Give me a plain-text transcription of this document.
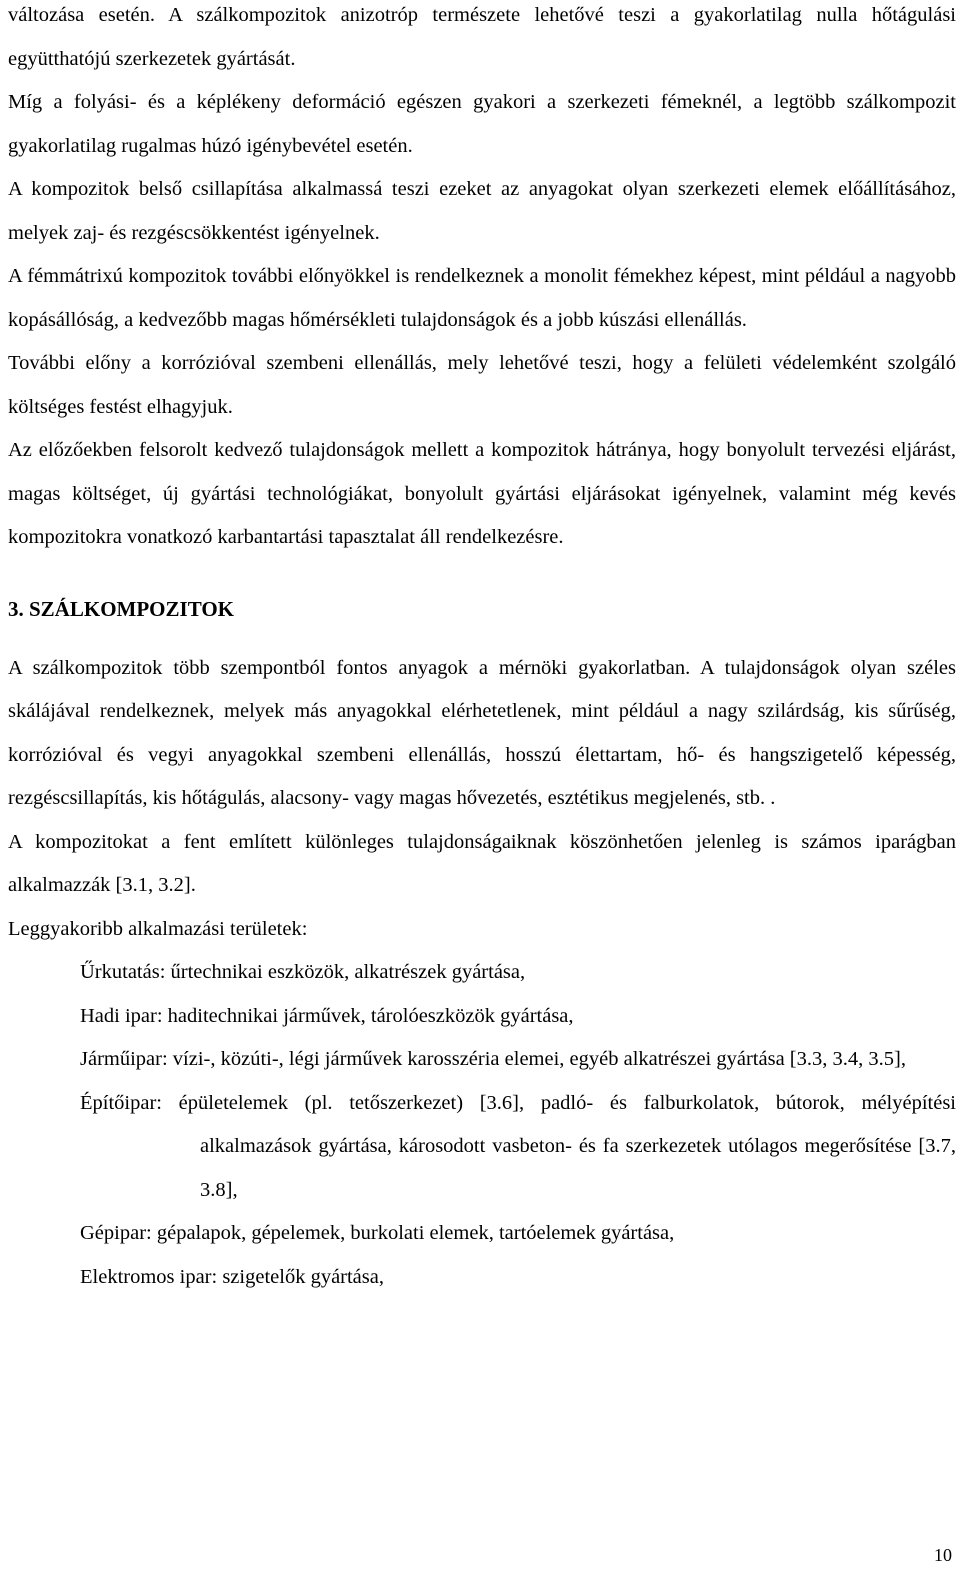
változása esetén. A szálkompozitok anizotróp természete lehetővé teszi a gyakorlatilag nulla hőtágulási együtthatójú szerkezetek gyártását.

Míg a folyási- és a képlékeny deformáció egészen gyakori a szerkezeti fémeknél, a legtöbb szálkompozit gyakorlatilag rugalmas húzó igénybevétel esetén.

A kompozitok belső csillapítása alkalmassá teszi ezeket az anyagokat olyan szerkezeti elemek előállításához, melyek zaj- és rezgéscsökkentést igényelnek.

A fémmátrixú kompozitok további előnyökkel is rendelkeznek a monolit fémekhez képest, mint például a nagyobb kopásállóság, a kedvezőbb magas hőmérsékleti tulajdonságok és a jobb kúszási ellenállás.

További előny a korrózióval szembeni ellenállás, mely lehetővé teszi, hogy a felületi védelemként szolgáló költséges festést elhagyjuk.

Az előzőekben felsorolt kedvező tulajdonságok mellett a kompozitok hátránya, hogy bonyolult tervezési eljárást, magas költséget, új gyártási technológiákat, bonyolult gyártási eljárásokat igényelnek, valamint még kevés kompozitokra vonatkozó karbantartási tapasztalat áll rendelkezésre.

3. SZÁLKOMPOZITOK

A szálkompozitok több szempontból fontos anyagok a mérnöki gyakorlatban. A tulajdonságok olyan széles skálájával rendelkeznek, melyek más anyagokkal elérhetetlenek, mint például a nagy szilárdság, kis sűrűség, korrózióval és vegyi anyagokkal szembeni ellenállás, hosszú élettartam, hő- és hangszigetelő képesség, rezgéscsillapítás, kis hőtágulás, alacsony- vagy magas hővezetés, esztétikus megjelenés, stb. .

A kompozitokat a fent említett különleges tulajdonságaiknak köszönhetően jelenleg is számos iparágban alkalmazzák [3.1, 3.2].

Leggyakoribb alkalmazási területek:

Űrkutatás: űrtechnikai eszközök, alkatrészek gyártása,
Hadi ipar: haditechnikai járművek, tárolóeszközök gyártása,
Járműipar: vízi-, közúti-, légi járművek karosszéria elemei, egyéb alkatrészei gyártása [3.3, 3.4, 3.5],
Építőipar: épületelemek (pl. tetőszerkezet) [3.6], padló- és falburkolatok, bútorok, mélyépítési alkalmazások gyártása, károsodott vasbeton- és fa szerkezetek utólagos megerősítése [3.7, 3.8],
Gépipar: gépalapok, gépelemek, burkolati elemek, tartóelemek gyártása,
Elektromos ipar: szigetelők gyártása,
10
